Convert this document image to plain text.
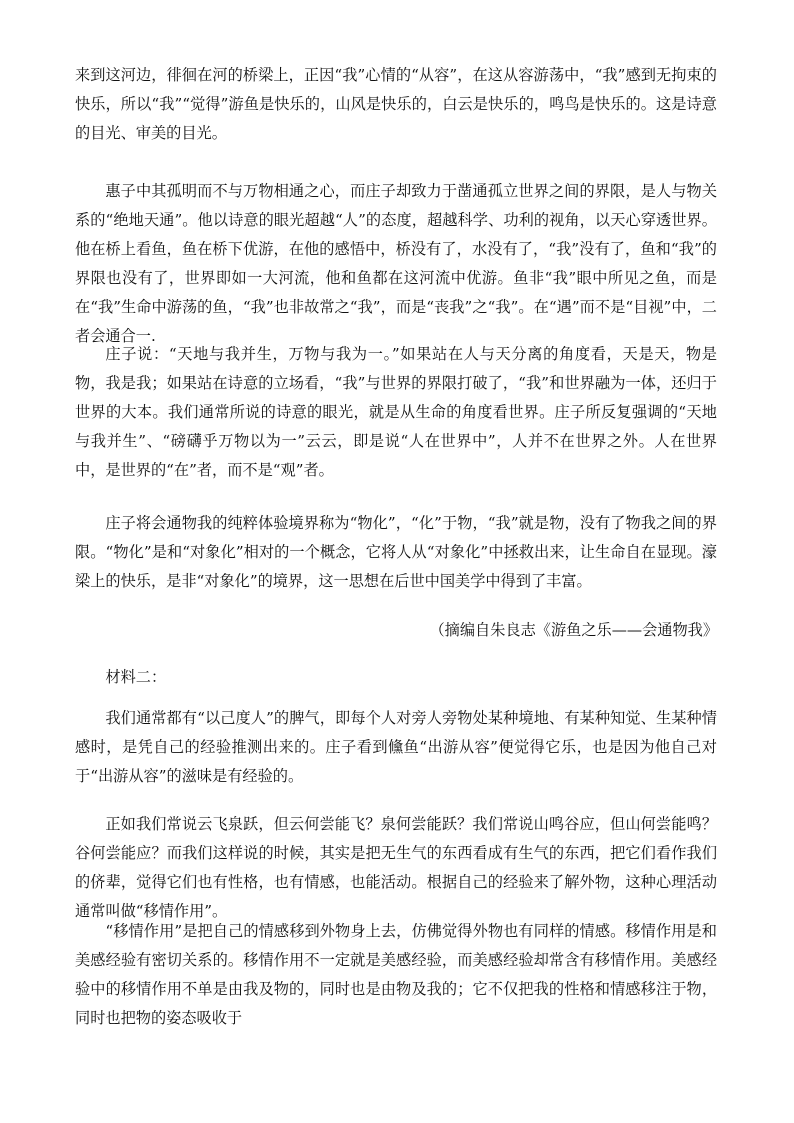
来到这河边，徘徊在河的桥梁上，正因“我”心情的“从容”，在这从容游荡中，“我”感到无拘束的快乐，所以“我”“觉得”游鱼是快乐的，山风是快乐的，白云是快乐的，鸣鸟是快乐的。这是诗意的目光、审美的目光。

惠子中其孤明而不与万物相通之心，而庄子却致力于凿通孤立世界之间的界限，是人与物关系的“绝地天通”。他以诗意的眼光超越“人”的态度，超越科学、功利的视角，以天心穿透世界。他在桥上看鱼，鱼在桥下优游，在他的感悟中，桥没有了，水没有了，“我”没有了，鱼和“我”的界限也没有了，世界即如一大河流，他和鱼都在这河流中优游。鱼非“我”眼中所见之鱼，而是在“我”生命中游荡的鱼，“我”也非故常之“我”，而是“丧我”之“我”。在“遇”而不是“目视”中，二者会通合一.

庄子说：“天地与我并生，万物与我为一。”如果站在人与天分离的角度看，天是天，物是物，我是我；如果站在诗意的立场看，“我”与世界的界限打破了，“我”和世界融为一体，还归于世界的大本。我们通常所说的诗意的眼光，就是从生命的角度看世界。庄子所反复强调的“天地与我并生”、“磅礴乎万物以为一”云云，即是说“人在世界中”，人并不在世界之外。人在世界中，是世界的“在”者，而不是“观”者。

庄子将会通物我的纯粹体验境界称为“物化”，“化”于物，“我”就是物，没有了物我之间的界限。“物化”是和“对象化”相对的一个概念，它将人从“对象化”中拯救出来，让生命自在显现。濠梁上的快乐，是非“对象化”的境界，这一思想在后世中国美学中得到了丰富。

（摘编自朱良志《游鱼之乐——会通物我》

材料二：

我们通常都有“以己度人”的脾气，即每个人对旁人旁物处某种境地、有某种知觉、生某种情感时，是凭自己的经验推测出来的。庄子看到儵鱼“出游从容”便觉得它乐，也是因为他自己对于“出游从容”的滋味是有经验的。

正如我们常说云飞泉跃，但云何尝能飞？泉何尝能跃？我们常说山鸣谷应，但山何尝能鸣？谷何尝能应？而我们这样说的时候，其实是把无生气的东西看成有生气的东西，把它们看作我们的侪辈，觉得它们也有性格，也有情感，也能活动。根据自己的经验来了解外物，这种心理活动通常叫做“移情作用”。

“移情作用”是把自己的情感移到外物身上去，仿佛觉得外物也有同样的情感。移情作用是和美感经验有密切关系的。移情作用不一定就是美感经验，而美感经验却常含有移情作用。美感经验中的移情作用不单是由我及物的，同时也是由物及我的；它不仅把我的性格和情感移注于物，同时也把物的姿态吸收于
